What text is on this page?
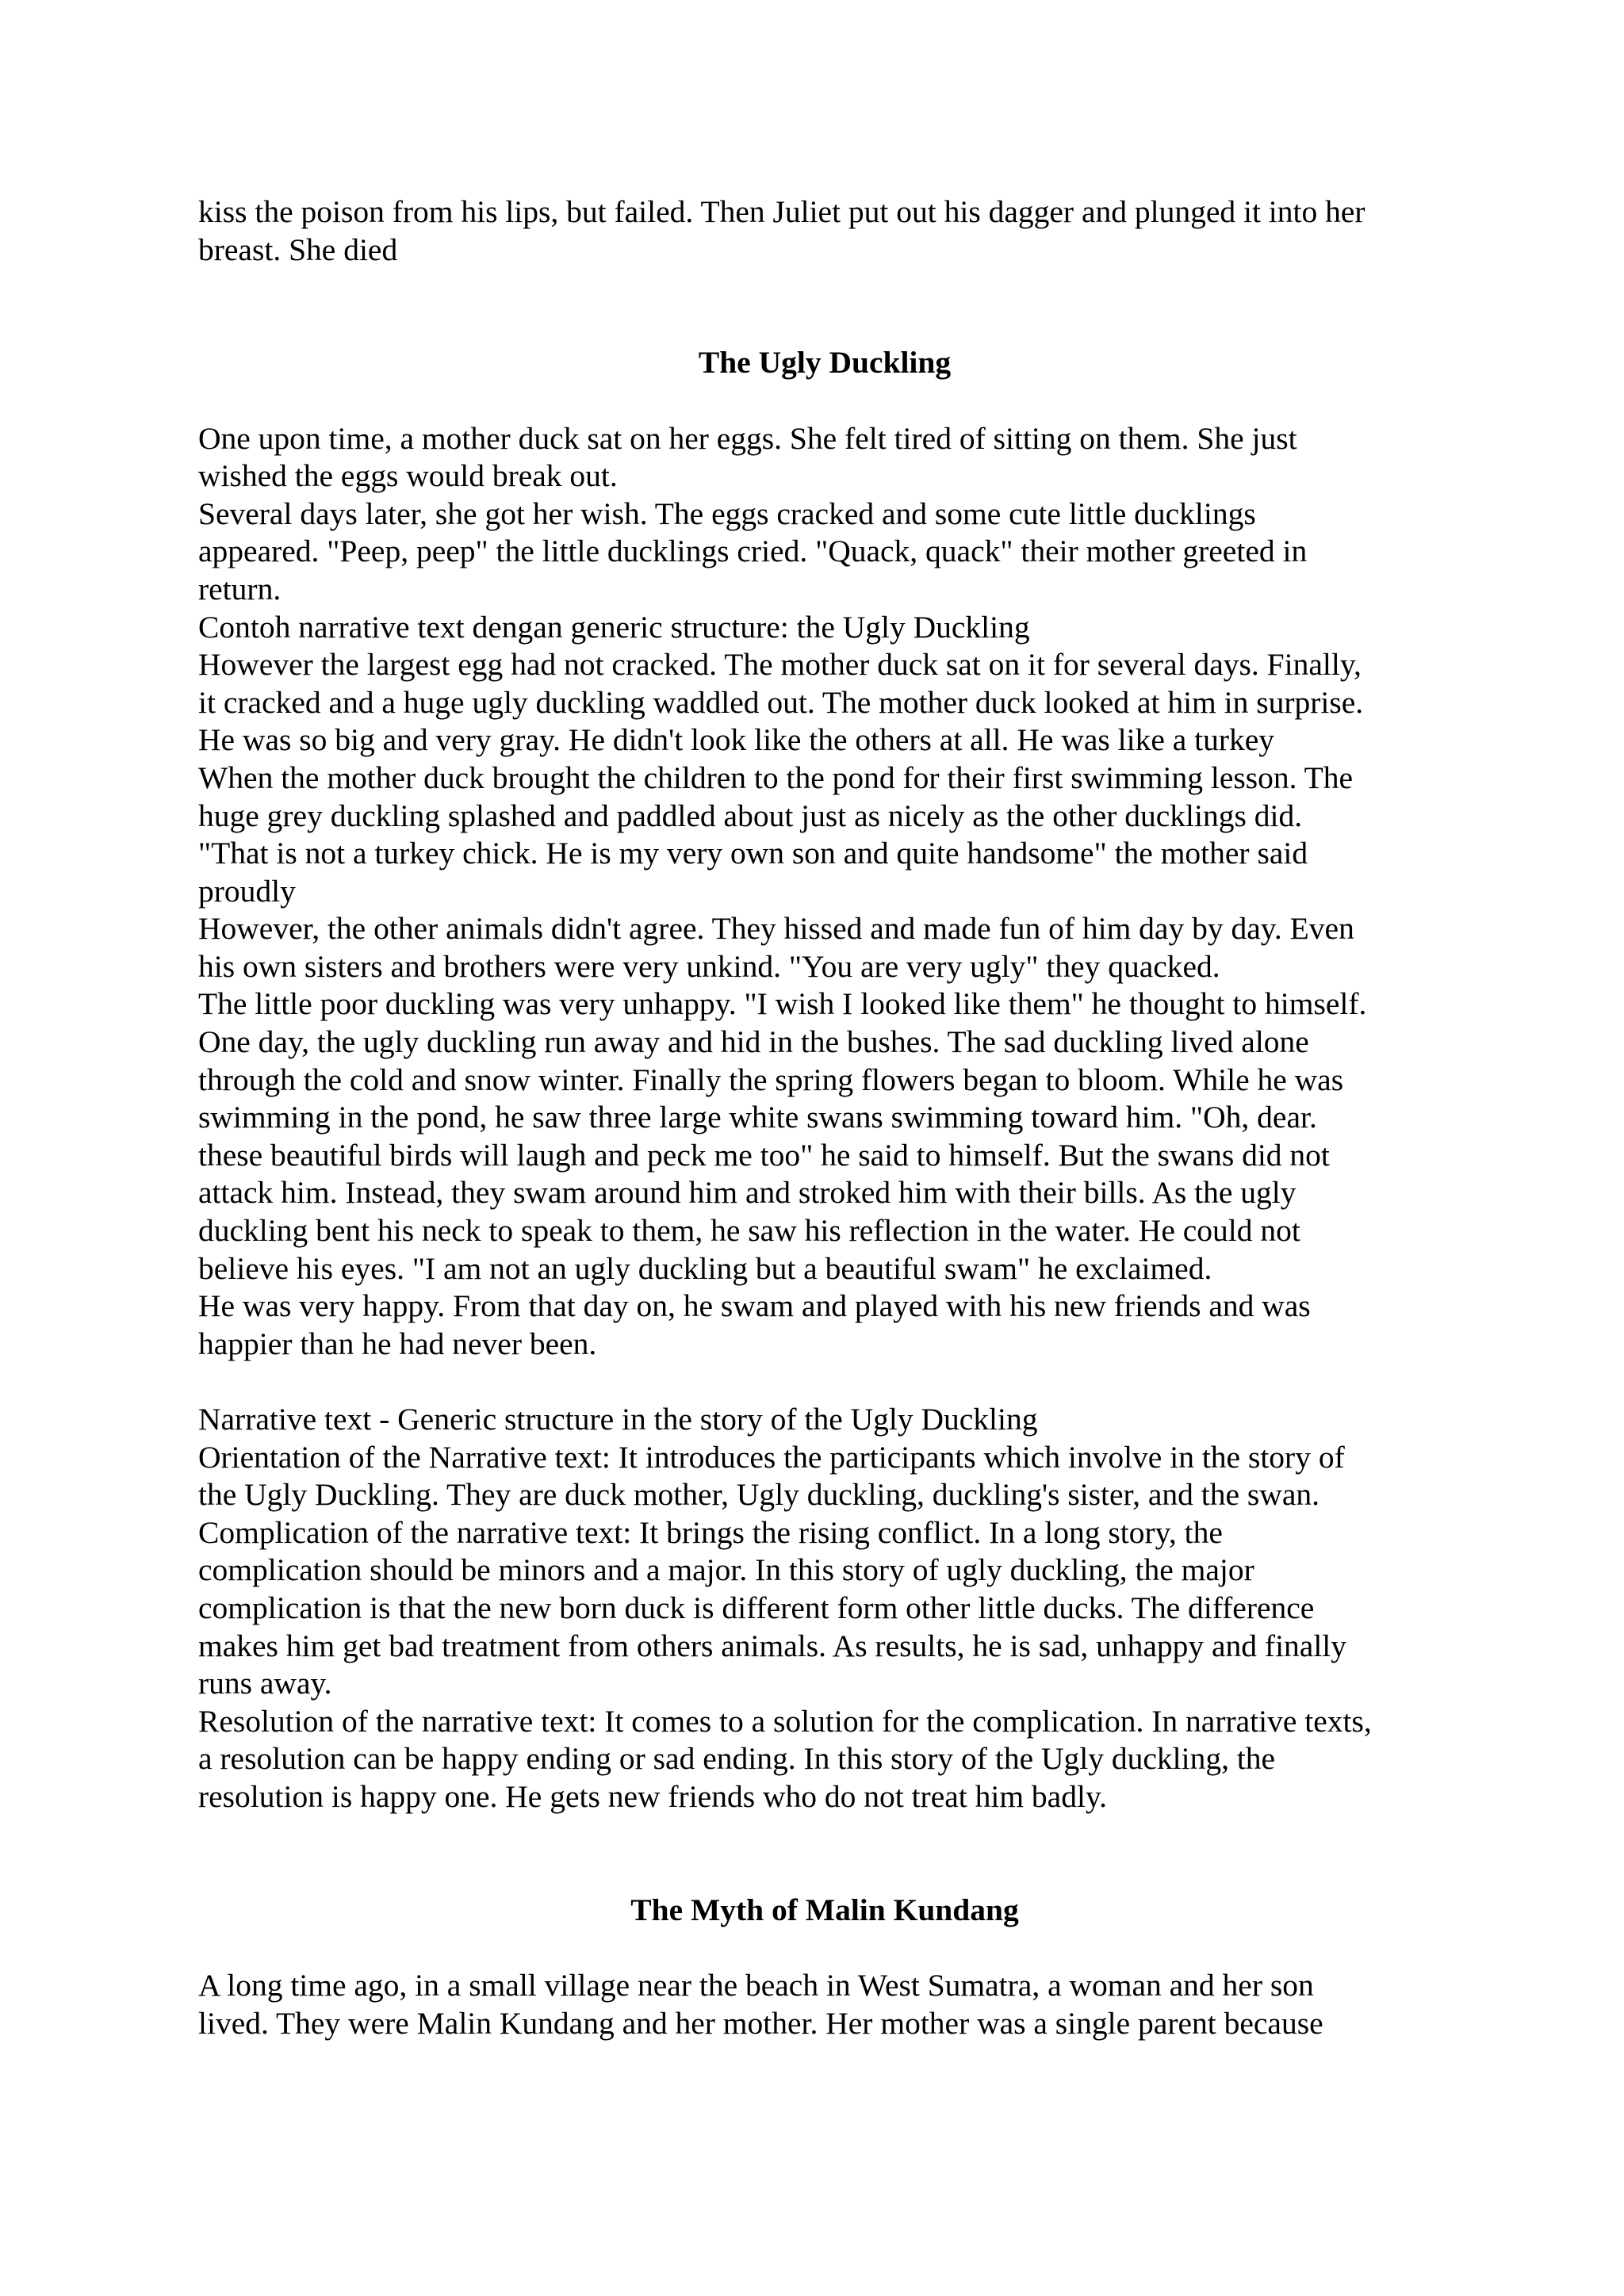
kiss the poison from his lips, but failed. Then Juliet put out his dagger and plunged it into her
breast. She died
The Ugly Duckling
One upon time, a mother duck sat on her eggs. She felt tired of sitting on them. She just
wished the eggs would break out.
Several days later, she got her wish. The eggs cracked and some cute little ducklings
appeared. "Peep, peep" the little ducklings cried. "Quack, quack" their mother greeted in
return.
Contoh narrative text dengan generic structure: the Ugly Duckling
However the largest egg had not cracked. The mother duck sat on it for several days. Finally,
it cracked and a huge ugly duckling waddled out. The mother duck looked at him in surprise.
He was so big and very gray. He didn't look like the others at all. He was like a turkey
When the mother duck brought the children to the pond for their first swimming lesson. The
huge grey duckling splashed and paddled about just as nicely as the other ducklings did.
"That is not a turkey chick. He is my very own son and quite handsome" the mother said
proudly
However, the other animals didn't agree. They hissed and made fun of him day by day. Even
his own sisters and brothers were very unkind. "You are very ugly" they quacked.
The little poor duckling was very unhappy. "I wish I looked like them" he thought to himself.
One day, the ugly duckling run away and hid in the bushes. The sad duckling lived alone
through the cold and snow winter. Finally the spring flowers began to bloom. While he was
swimming in the pond, he saw three large white swans swimming toward him. "Oh, dear.
these beautiful birds will laugh and peck me too" he said to himself. But the swans did not
attack him. Instead, they swam around him and stroked him with their bills. As the ugly
duckling bent his neck to speak to them, he saw his reflection in the water. He could not
believe his eyes. "I am not an ugly duckling but a beautiful swam" he exclaimed.
He was very happy. From that day on, he swam and played with his new friends and was
happier than he had never been.
Narrative text - Generic structure in the story of the Ugly Duckling
Orientation of the Narrative text: It introduces the participants which involve in the story of
the Ugly Duckling. They are duck mother, Ugly duckling, duckling's sister, and the swan.
Complication of the narrative text: It brings the rising conflict. In a long story, the
complication should be minors and a major. In this story of ugly duckling, the major
complication is that the new born duck is different form other little ducks. The difference
makes him get bad treatment from others animals. As results, he is sad, unhappy and finally
runs away.
Resolution of the narrative text: It comes to a solution for the complication. In narrative texts,
a resolution can be happy ending or sad ending. In this story of the Ugly duckling, the
resolution is happy one. He gets new friends who do not treat him badly.
The Myth of Malin Kundang
A long time ago, in a small village near the beach in West Sumatra, a woman and her son
lived. They were Malin Kundang and her mother. Her mother was a single parent because
